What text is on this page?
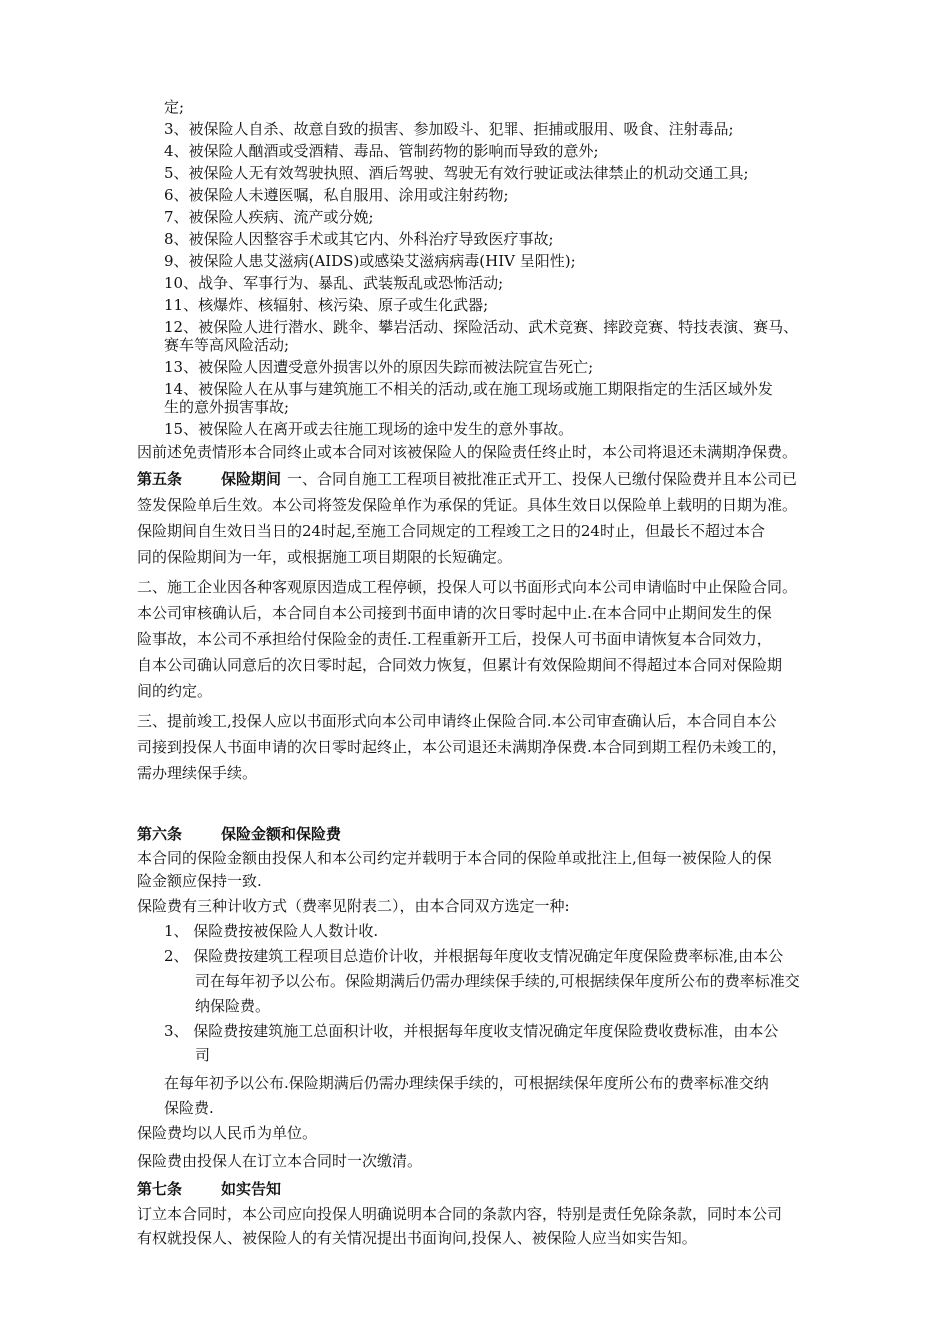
定;
3、被保险人自杀、故意自致的损害、参加殴斗、犯罪、拒捕或服用、吸食、注射毒品;
4、被保险人酗酒或受酒精、毒品、管制药物的影响而导致的意外;
5、被保险人无有效驾驶执照、酒后驾驶、驾驶无有效行驶证或法律禁止的机动交通工具;
6、被保险人未遵医嘱，私自服用、涂用或注射药物;
7、被保险人疾病、流产或分娩;
8、被保险人因整容手术或其它内、外科治疗导致医疗事故;
9、被保险人患艾滋病(AIDS)或感染艾滋病病毒(HIV 呈阳性);
10、战争、军事行为、暴乱、武装叛乱或恐怖活动;
11、核爆炸、核辐射、核污染、原子或生化武器;
12、被保险人进行潜水、跳伞、攀岩活动、探险活动、武术竞赛、摔跤竞赛、特技表演、赛马、
赛车等高风险活动;
13、被保险人因遭受意外损害以外的原因失踪而被法院宣告死亡;
14、被保险人在从事与建筑施工不相关的活动,或在施工现场或施工期限指定的生活区域外发
生的意外损害事故;
15、被保险人在离开或去往施工现场的途中发生的意外事故。
因前述免责情形本合同终止或本合同对该被保险人的保险责任终止时，本公司将退还未满期净保费。
第五条	保险期间 一、合同自施工工程项目被批准正式开工、投保人已缴付保险费并且本公司已
签发保险单后生效。本公司将签发保险单作为承保的凭证。具体生效日以保险单上载明的日期为准。
保险期间自生效日当日的24时起,至施工合同规定的工程竣工之日的24时止，但最长不超过本合
同的保险期间为一年，或根据施工项目期限的长短确定。
二、施工企业因各种客观原因造成工程停顿，投保人可以书面形式向本公司申请临时中止保险合同。
本公司审核确认后，本合同自本公司接到书面申请的次日零时起中止.在本合同中止期间发生的保
险事故，本公司不承担给付保险金的责任.工程重新开工后，投保人可书面申请恢复本合同效力，
自本公司确认同意后的次日零时起，合同效力恢复，但累计有效保险期间不得超过本合同对保险期
间的约定。
三、提前竣工,投保人应以书面形式向本公司申请终止保险合同.本公司审查确认后，本合同自本公
司接到投保人书面申请的次日零时起终止，本公司退还未满期净保费.本合同到期工程仍未竣工的，
需办理续保手续。
第六条	保险金额和保险费
本合同的保险金额由投保人和本公司约定并载明于本合同的保险单或批注上,但每一被保险人的保
险金额应保持一致.
保险费有三种计收方式（费率见附表二），由本合同双方选定一种:
1、 保险费按被保险人人数计收.
2、 保险费按建筑工程项目总造价计收，并根据每年度收支情况确定年度保险费率标准,由本公
司在每年初予以公布。保险期满后仍需办理续保手续的,可根据续保年度所公布的费率标准交
纳保险费。
3、 保险费按建筑施工总面积计收，并根据每年度收支情况确定年度保险费收费标准，由本公
司
在每年初予以公布.保险期满后仍需办理续保手续的，可根据续保年度所公布的费率标准交纳
保险费.
保险费均以人民币为单位。
保险费由投保人在订立本合同时一次缴清。
第七条	如实告知
订立本合同时，本公司应向投保人明确说明本合同的条款内容，特别是责任免除条款，同时本公司
有权就投保人、被保险人的有关情况提出书面询问,投保人、被保险人应当如实告知。
